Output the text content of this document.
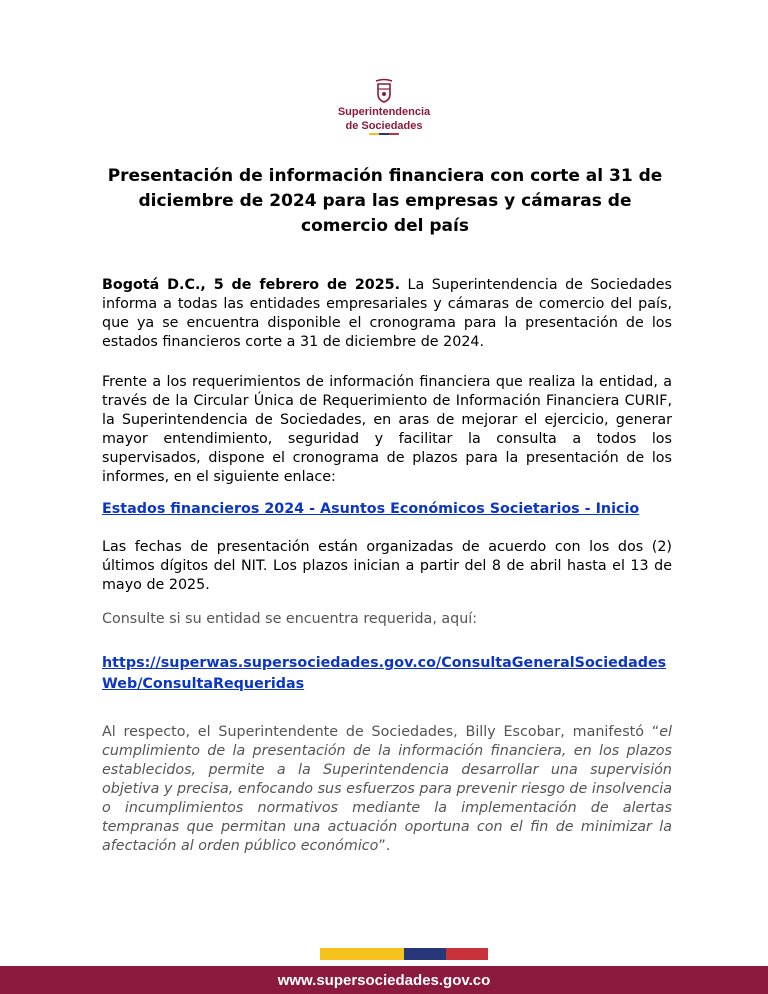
Superintendencia
de Sociedades
Presentación de información financiera con corte al 31 de diciembre de 2024 para las empresas y cámaras de comercio del país

Bogotá D.C., 5 de febrero de 2025. La Superintendencia de Sociedades informa a todas las entidades empresariales y cámaras de comercio del país, que ya se encuentra disponible el cronograma para la presentación de los estados financieros corte a 31 de diciembre de 2024.

Frente a los requerimientos de información financiera que realiza la entidad, a través de la Circular Única de Requerimiento de Información Financiera CURIF, la Superintendencia de Sociedades, en aras de mejorar el ejercicio, generar mayor entendimiento, seguridad y facilitar la consulta a todos los supervisados, dispone el cronograma de plazos para la presentación de los informes, en el siguiente enlace:

Estados financieros 2024 - Asuntos Económicos Societarios - Inicio

Las fechas de presentación están organizadas de acuerdo con los dos (2) últimos dígitos del NIT. Los plazos inician a partir del 8 de abril hasta el 13 de mayo de 2025.

Consulte si su entidad se encuentra requerida, aquí:

https://superwas.supersociedades.gov.co/ConsultaGeneralSociedadesWeb/ConsultaRequeridas

Al respecto, el Superintendente de Sociedades, Billy Escobar, manifestó “el cumplimiento de la presentación de la información financiera, en los plazos establecidos, permite a la Superintendencia desarrollar una supervisión objetiva y precisa, enfocando sus esfuerzos para prevenir riesgo de insolvencia o incumplimientos normativos mediante la implementación de alertas tempranas que permitan una actuación oportuna con el fin de minimizar la afectación al orden público económico”.

www.supersociedades.gov.co
